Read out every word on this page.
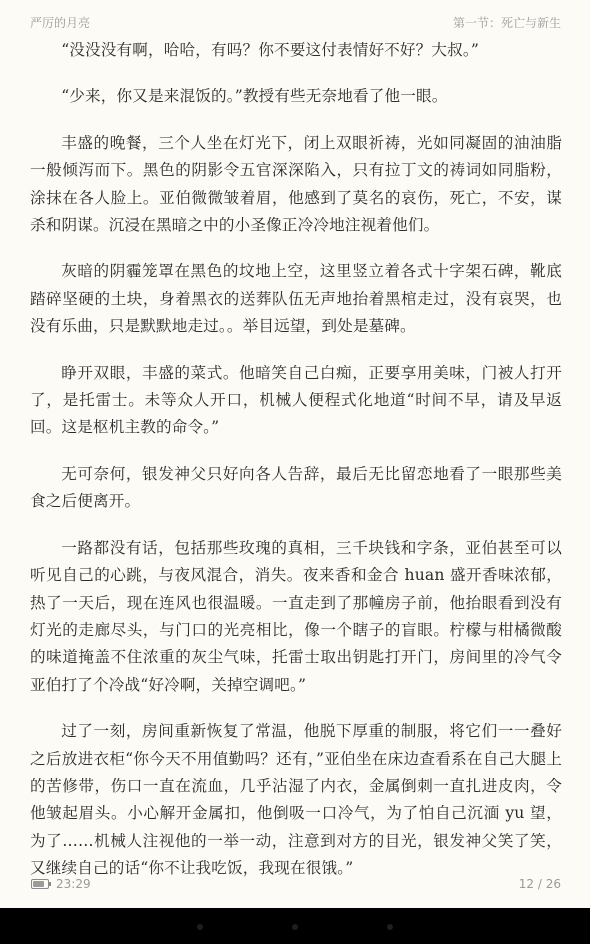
严厉的月亮	第一节：死亡与新生

“没没没有啊，哈哈，有吗？你不要这付表情好不好？大叔。”

“少来，你又是来混饭的。”教授有些无奈地看了他一眼。

丰盛的晚餐，三个人坐在灯光下，闭上双眼祈祷，光如同凝固的油油脂一般倾泻而下。黑色的阴影令五官深深陷入，只有拉丁文的祷词如同脂粉，涂抹在各人脸上。亚伯微微皱着眉，他感到了莫名的哀伤，死亡，不安，谋杀和阴谋。沉浸在黑暗之中的小圣像正冷冷地注视着他们。

灰暗的阴霾笼罩在黑色的坟地上空，这里竖立着各式十字架石碑，靴底踏碎坚硬的土块，身着黑衣的送葬队伍无声地抬着黑棺走过，没有哀哭，也没有乐曲，只是默默地走过。。举目远望，到处是墓碑。

睁开双眼，丰盛的菜式。他暗笑自己白痴，正要享用美味，门被人打开了，是托雷士。未等众人开口，机械人便程式化地道“时间不早，请及早返回。这是枢机主教的命令。”

无可奈何，银发神父只好向各人告辞，最后无比留恋地看了一眼那些美食之后便离开。

一路都没有话，包括那些玫瑰的真相，三千块钱和字条，亚伯甚至可以听见自己的心跳，与夜风混合，消失。夜来香和金合 huan 盛开香味浓郁，热了一天后，现在连风也很温暖。一直走到了那幢房子前，他抬眼看到没有灯光的走廊尽头，与门口的光亮相比，像一个瞎子的盲眼。柠檬与柑橘微酸的味道掩盖不住浓重的灰尘气味，托雷士取出钥匙打开门，房间里的冷气令亚伯打了个冷战“好冷啊，关掉空调吧。”

过了一刻，房间重新恢复了常温，他脱下厚重的制服，将它们一一叠好之后放进衣柜“你今天不用值勤吗？还有，”亚伯坐在床边查看系在自己大腿上的苦修带，伤口一直在流血，几乎沾湿了内衣，金属倒刺一直扎进皮肉，令他皱起眉头。小心解开金属扣，他倒吸一口冷气，为了怕自己沉湎 yu 望，为了……机械人注视他的一举一动，注意到对方的目光，银发神父笑了笑，又继续自己的话“你不让我吃饭，我现在很饿。”

23:29	12 / 26
